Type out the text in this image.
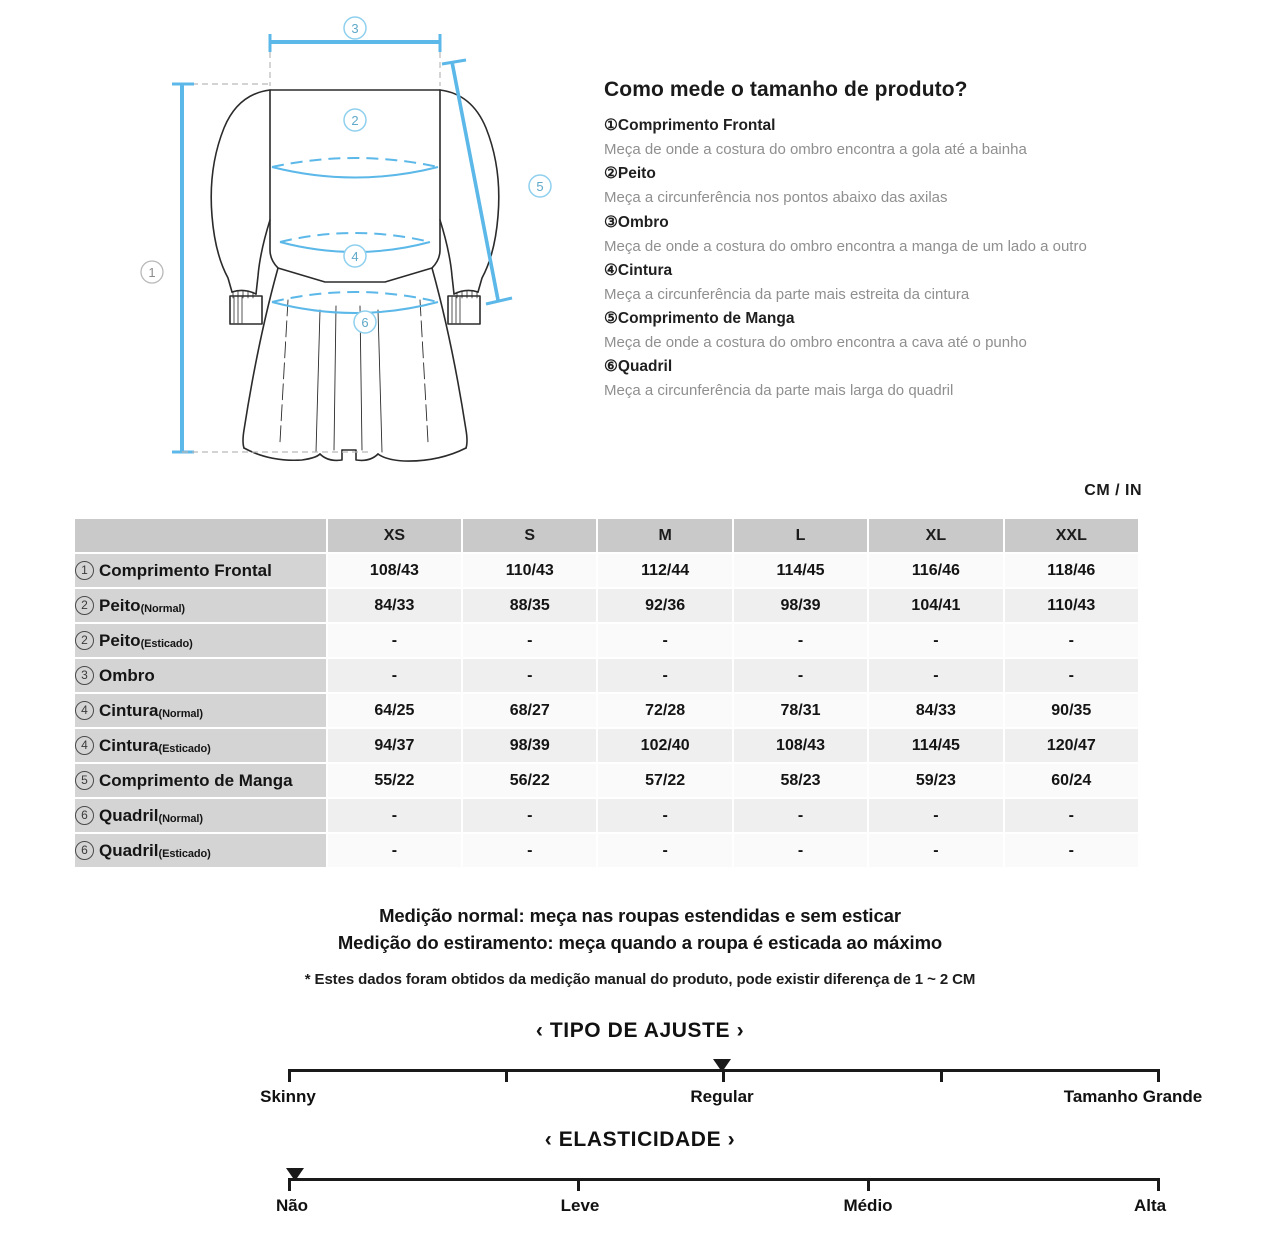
3
2
4
6
1
5
Como mede o tamanho de produto?
①Comprimento Frontal
Meça de onde a costura do ombro encontra a gola até a bainha
②Peito
Meça a circunferência nos pontos abaixo das axilas
③Ombro
Meça de onde a costura do ombro encontra a manga de um lado a outro
④Cintura
Meça a circunferência da parte mais estreita da cintura
⑤Comprimento de Manga
Meça de onde a costura do ombro encontra a cava até o punho
⑥Quadril
Meça a circunferência da parte mais larga do quadril
CM / IN
	XS	S	M	L	XL	XXL
1 Comprimento Frontal	108/43	110/43	112/44	114/45	116/46	118/46
2 Peito(Normal)	84/33	88/35	92/36	98/39	104/41	110/43
2 Peito(Esticado)	-	-	-	-	-	-
3 Ombro	-	-	-	-	-	-
4 Cintura(Normal)	64/25	68/27	72/28	78/31	84/33	90/35
4 Cintura(Esticado)	94/37	98/39	102/40	108/43	114/45	120/47
5 Comprimento de Manga	55/22	56/22	57/22	58/23	59/23	60/24
6 Quadril(Normal)	-	-	-	-	-	-
6 Quadril(Esticado)	-	-	-	-	-	-
Medição normal: meça nas roupas estendidas e sem esticar
Medição do estiramento: meça quando a roupa é esticada ao máximo
* Estes dados foram obtidos da medição manual do produto, pode existir diferença de 1 ~ 2 CM
‹ TIPO DE AJUSTE ›
Skinny	Regular	Tamanho Grande
‹ ELASTICIDADE ›
Não	Leve	Médio	Alta
